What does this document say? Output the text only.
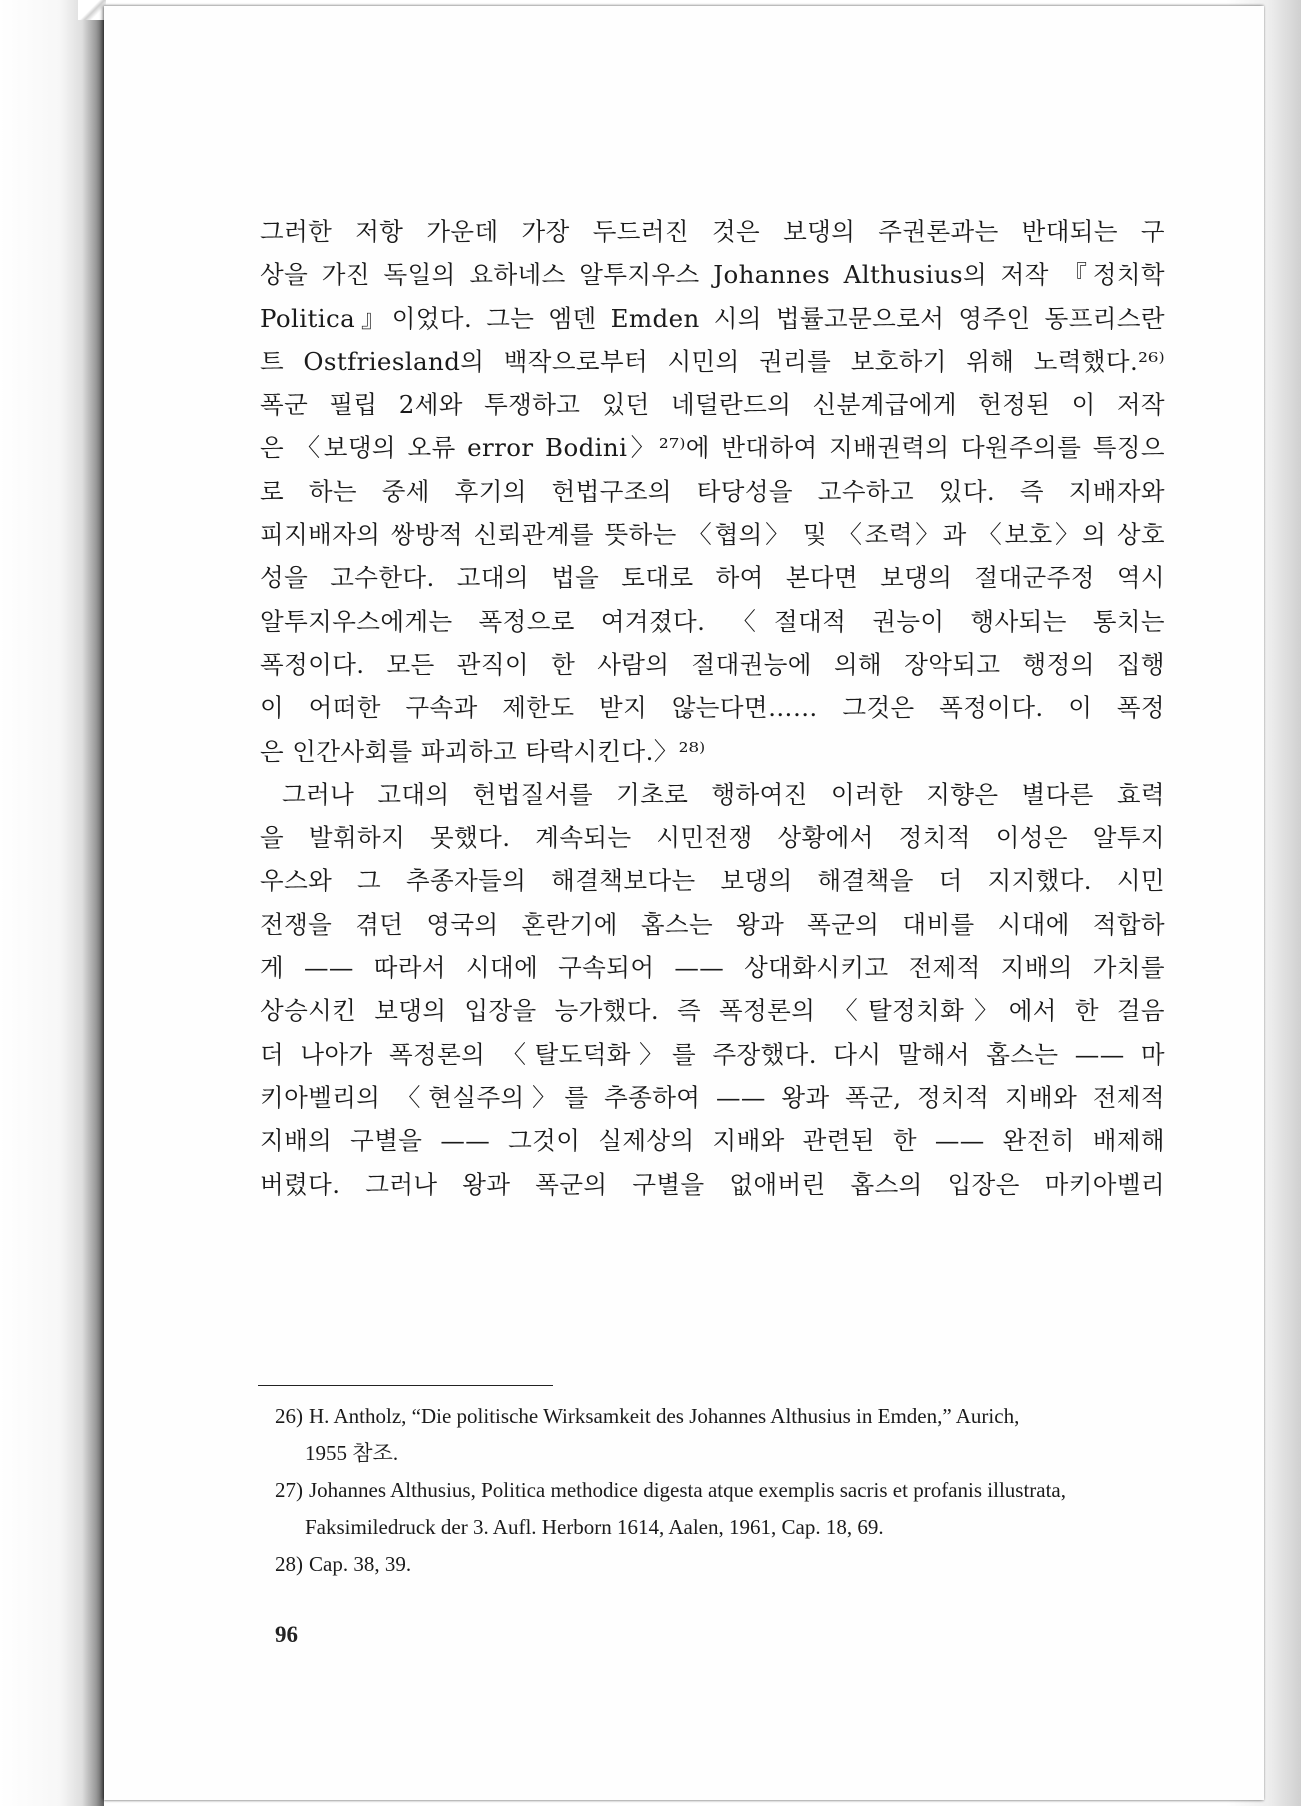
그러한 저항 가운데 가장 두드러진 것은 보댕의 주권론과는 반대되는 구
상을 가진 독일의 요하네스 알투지우스 Johannes Althusius의 저작 『정치학
Politica』이었다. 그는 엠덴 Emden 시의 법률고문으로서 영주인 동프리스란
트 Ostfriesland의 백작으로부터 시민의 권리를 보호하기 위해 노력했다.²⁶⁾
폭군 필립 2세와 투쟁하고 있던 네덜란드의 신분계급에게 헌정된 이 저작
은 〈보댕의 오류 error Bodini〉²⁷⁾에 반대하여 지배권력의 다원주의를 특징으
로 하는 중세 후기의 헌법구조의 타당성을 고수하고 있다. 즉 지배자와
피지배자의 쌍방적 신뢰관계를 뜻하는 〈협의〉 및 〈조력〉과 〈보호〉의 상호
성을 고수한다. 고대의 법을 토대로 하여 본다면 보댕의 절대군주정 역시
알투지우스에게는 폭정으로 여겨졌다. 〈절대적 권능이 행사되는 통치는
폭정이다. 모든 관직이 한 사람의 절대권능에 의해 장악되고 행정의 집행
이 어떠한 구속과 제한도 받지 않는다면…… 그것은 폭정이다. 이 폭정
은 인간사회를 파괴하고 타락시킨다.〉²⁸⁾
그러나 고대의 헌법질서를 기초로 행하여진 이러한 지향은 별다른 효력
을 발휘하지 못했다. 계속되는 시민전쟁 상황에서 정치적 이성은 알투지
우스와 그 추종자들의 해결책보다는 보댕의 해결책을 더 지지했다. 시민
전쟁을 겪던 영국의 혼란기에 홉스는 왕과 폭군의 대비를 시대에 적합하
게 —— 따라서 시대에 구속되어 —— 상대화시키고 전제적 지배의 가치를
상승시킨 보댕의 입장을 능가했다. 즉 폭정론의 〈탈정치화〉에서 한 걸음
더 나아가 폭정론의 〈탈도덕화〉를 주장했다. 다시 말해서 홉스는 —— 마
키아벨리의 〈현실주의〉를 추종하여 —— 왕과 폭군, 정치적 지배와 전제적
지배의 구별을 —— 그것이 실제상의 지배와 관련된 한 —— 완전히 배제해
버렸다. 그러나 왕과 폭군의 구별을 없애버린 홉스의 입장은 마키아벨리
26) H. Antholz, “Die politische Wirksamkeit des Johannes Althusius in Emden,” Aurich,
1955 참조.
27) Johannes Althusius, Politica methodice digesta atque exemplis sacris et profanis illustrata,
Faksimiledruck der 3. Aufl. Herborn 1614, Aalen, 1961, Cap. 18, 69.
28) Cap. 38, 39.
96
